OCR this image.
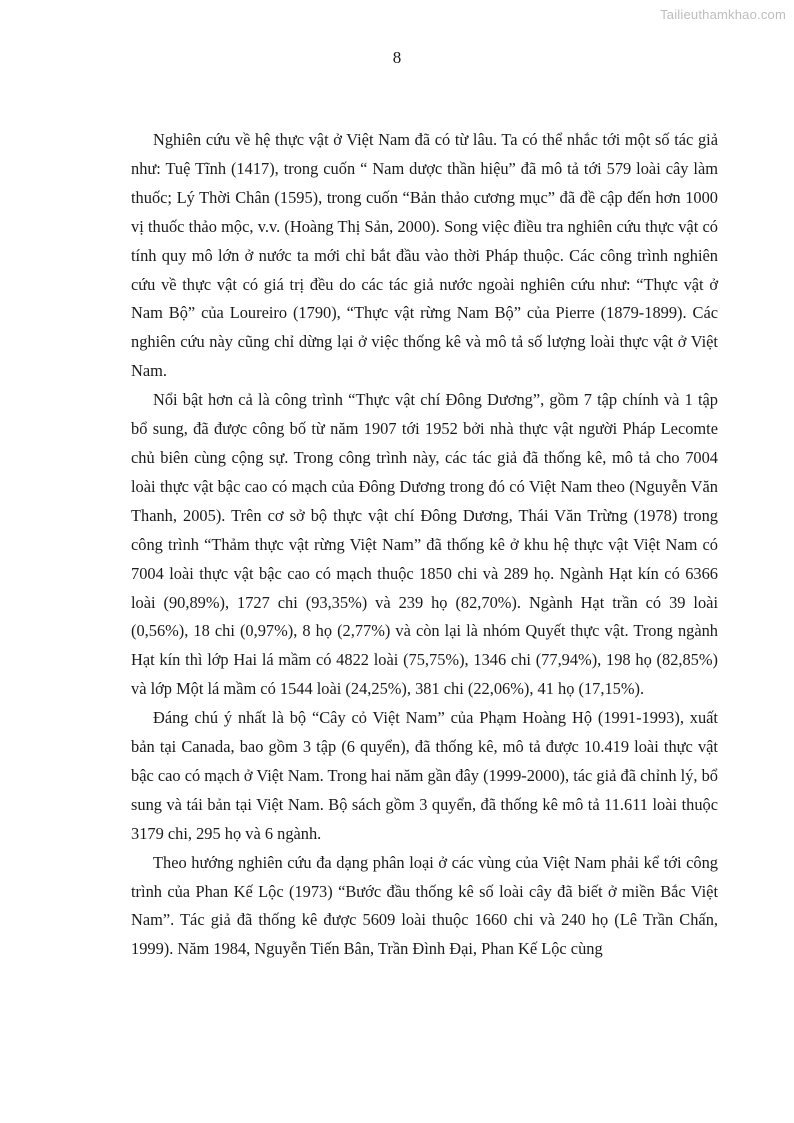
Tailieuthamkhao.com
8

Nghiên cứu về hệ thực vật ở Việt Nam đã có từ lâu. Ta có thể nhắc tới một số tác giả như: Tuệ Tĩnh (1417), trong cuốn “ Nam dược thần hiệu” đã mô tả tới 579 loài cây làm thuốc; Lý Thời Chân (1595), trong cuốn “Bản thảo cương mục” đã đề cập đến hơn 1000 vị thuốc thảo mộc, v.v. (Hoàng Thị Sản, 2000). Song việc điều tra nghiên cứu thực vật có tính quy mô lớn ở nước ta mới chỉ bắt đầu vào thời Pháp thuộc. Các công trình nghiên cứu về thực vật có giá trị đều do các tác giả nước ngoài nghiên cứu như: “Thực vật ở Nam Bộ” của Loureiro (1790), “Thực vật rừng Nam Bộ” của Pierre (1879-1899). Các nghiên cứu này cũng chỉ dừng lại ở việc thống kê và mô tả số lượng loài thực vật ở Việt Nam.

Nổi bật hơn cả là công trình “Thực vật chí Đông Dương”, gồm 7 tập chính và 1 tập bổ sung, đã được công bố từ năm 1907 tới 1952 bởi nhà thực vật người Pháp Lecomte chủ biên cùng cộng sự. Trong công trình này, các tác giả đã thống kê, mô tả cho 7004 loài thực vật bậc cao có mạch của Đông Dương trong đó có Việt Nam theo (Nguyễn Văn Thanh, 2005). Trên cơ sở bộ thực vật chí Đông Dương, Thái Văn Trừng (1978) trong công trình “Thảm thực vật rừng Việt Nam” đã thống kê ở khu hệ thực vật Việt Nam có 7004 loài thực vật bậc cao có mạch thuộc 1850 chi và 289 họ. Ngành Hạt kín có 6366 loài (90,89%), 1727 chi (93,35%) và 239 họ (82,70%). Ngành Hạt trần có 39 loài (0,56%), 18 chi (0,97%), 8 họ (2,77%) và còn lại là nhóm Quyết thực vật. Trong ngành Hạt kín thì lớp Hai lá mầm có 4822 loài (75,75%), 1346 chi (77,94%), 198 họ (82,85%) và lớp Một lá mầm có 1544 loài (24,25%), 381 chi (22,06%), 41 họ (17,15%).

Đáng chú ý nhất là bộ “Cây cỏ Việt Nam” của Phạm Hoàng Hộ (1991-1993), xuất bản tại Canada, bao gồm 3 tập (6 quyển), đã thống kê, mô tả được 10.419 loài thực vật bậc cao có mạch ở Việt Nam. Trong hai năm gần đây (1999-2000), tác giả đã chỉnh lý, bổ sung và tái bản tại Việt Nam. Bộ sách gồm 3 quyển, đã thống kê mô tả 11.611 loài thuộc 3179 chi, 295 họ và 6 ngành.

Theo hướng nghiên cứu đa dạng phân loại ở các vùng của Việt Nam phải kể tới công trình của Phan Kế Lộc (1973) “Bước đầu thống kê số loài cây đã biết ở miền Bắc Việt Nam”. Tác giả đã thống kê được 5609 loài thuộc 1660 chi và 240 họ (Lê Trần Chấn, 1999). Năm 1984, Nguyễn Tiến Bân, Trần Đình Đại, Phan Kế Lộc cùng
